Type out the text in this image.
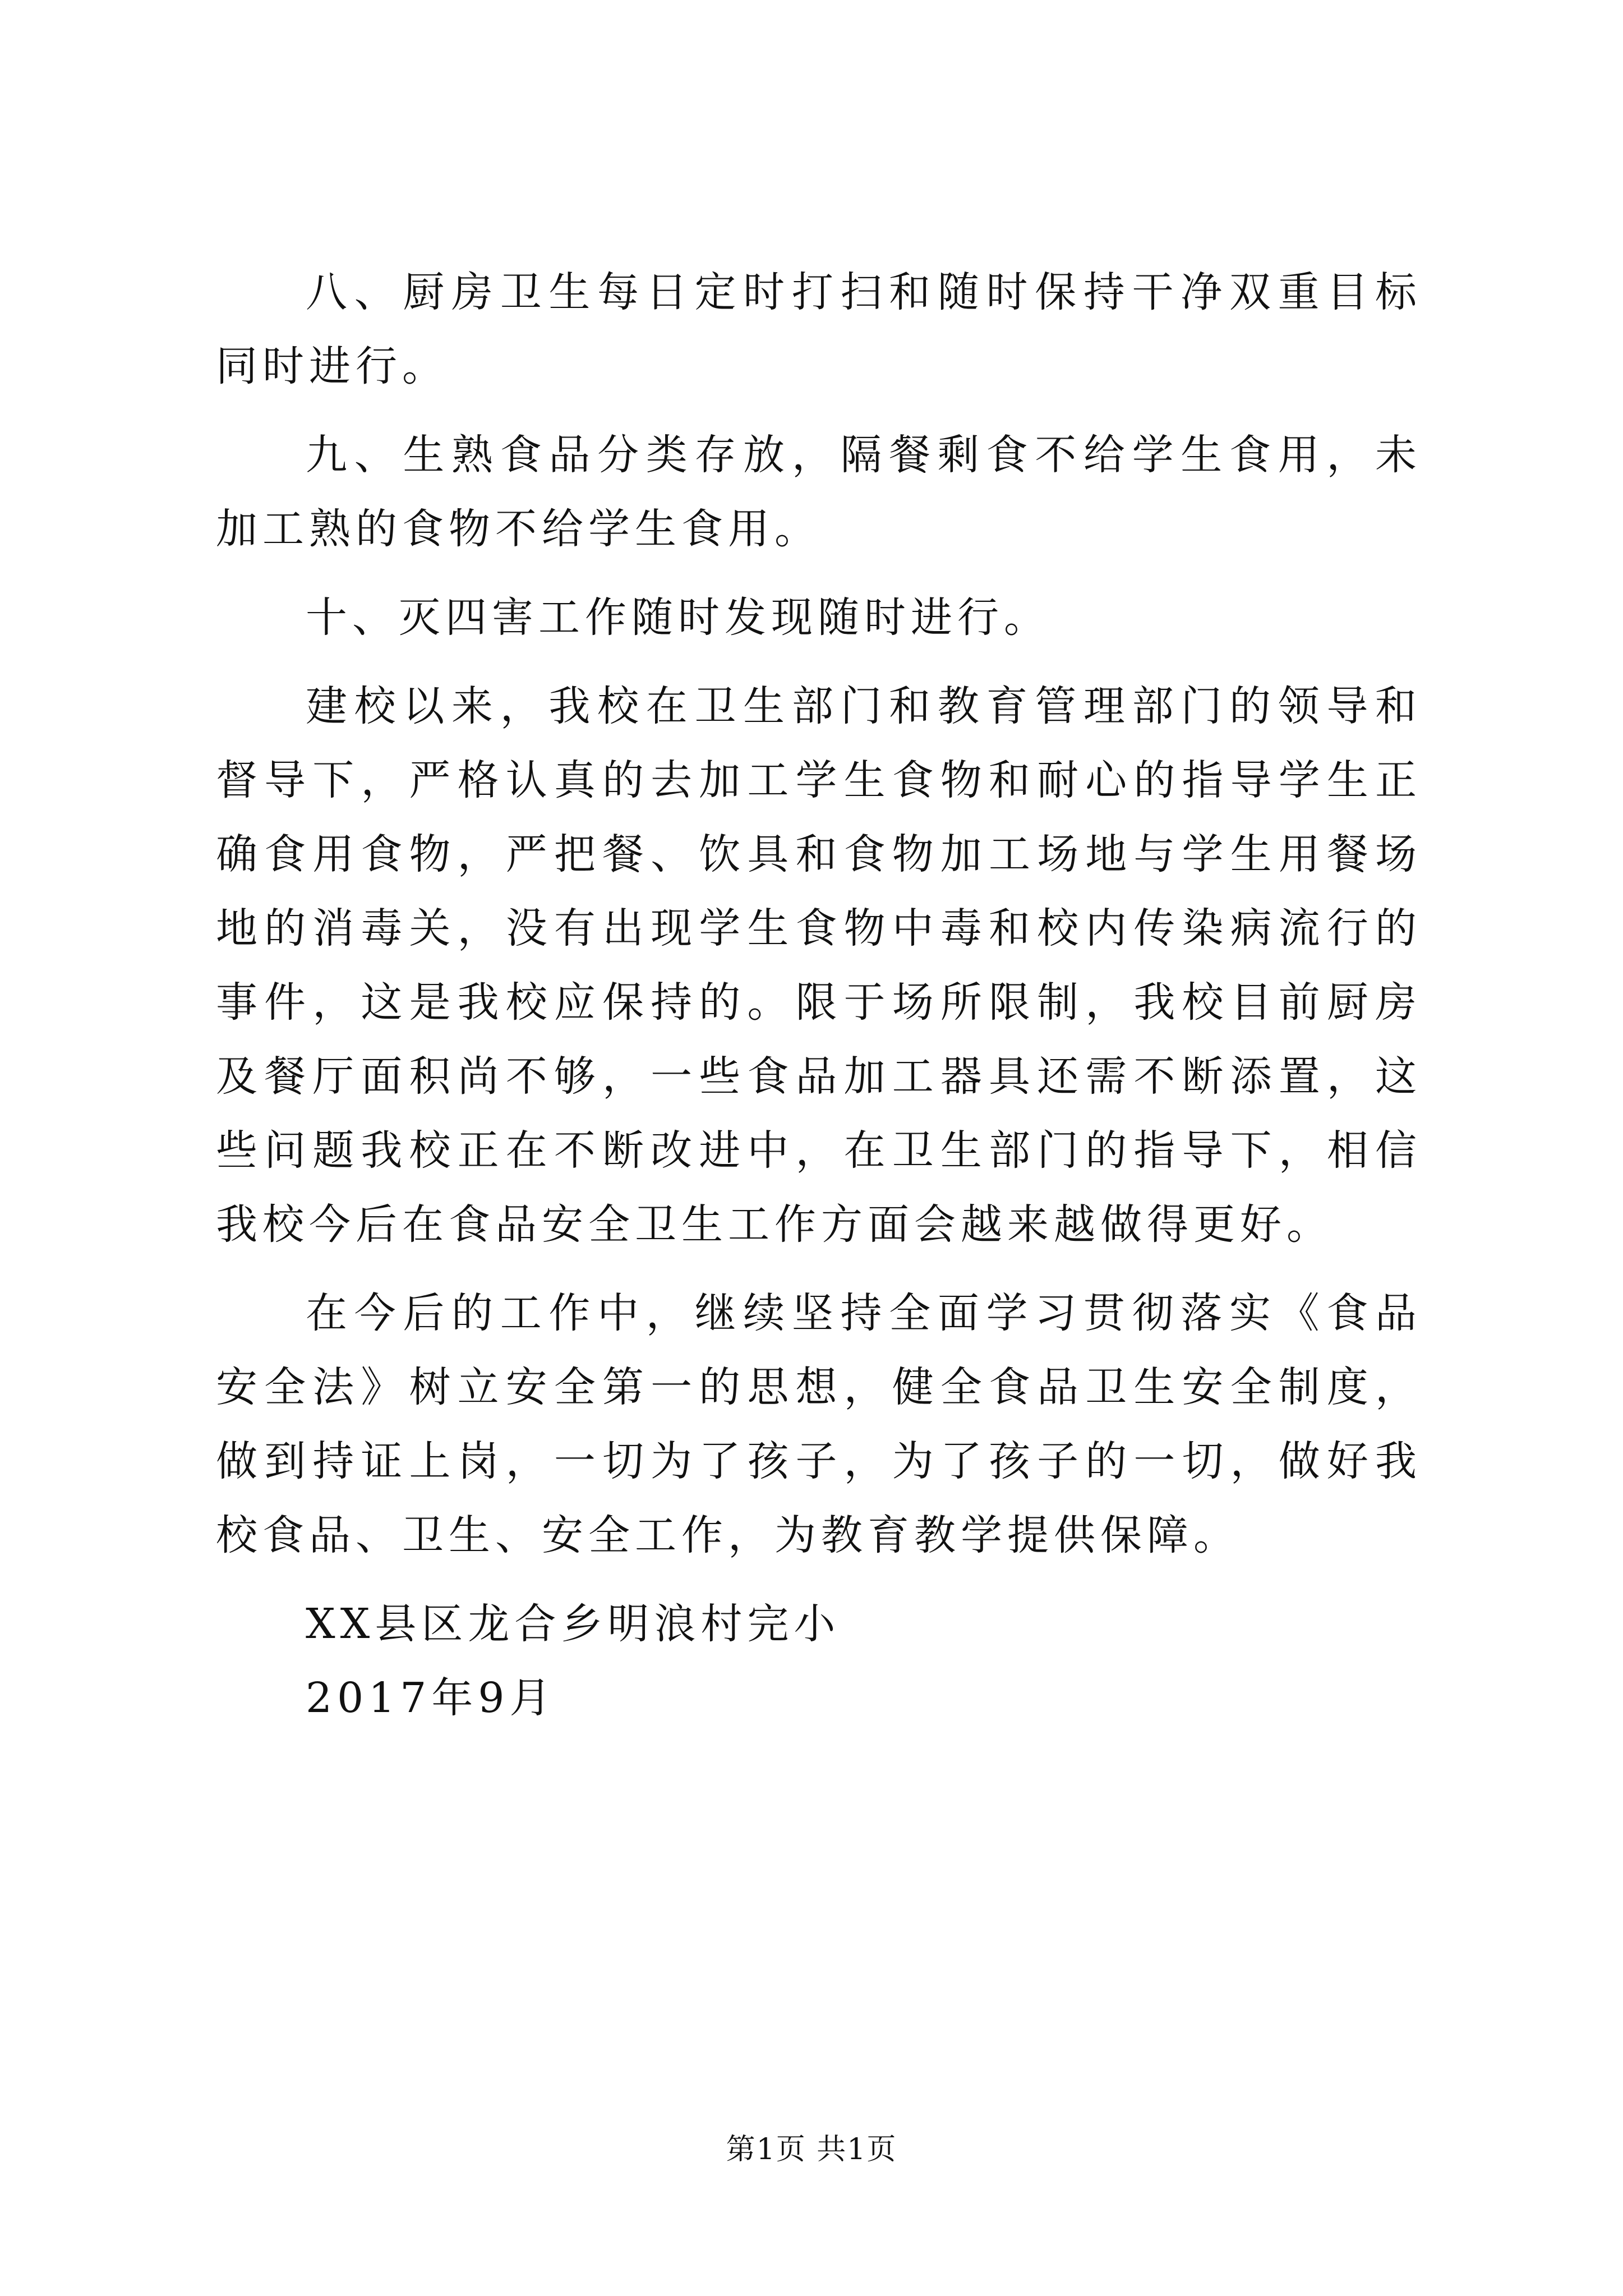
八、厨房卫生每日定时打扫和随时保持干净双重目标同时进行。

九、生熟食品分类存放，隔餐剩食不给学生食用，未加工熟的食物不给学生食用。

十、灭四害工作随时发现随时进行。

建校以来，我校在卫生部门和教育管理部门的领导和督导下，严格认真的去加工学生食物和耐心的指导学生正确食用食物，严把餐、饮具和食物加工场地与学生用餐场地的消毒关，没有出现学生食物中毒和校内传染病流行的事件，这是我校应保持的。限于场所限制，我校目前厨房及餐厅面积尚不够，一些食品加工器具还需不断添置，这些问题我校正在不断改进中，在卫生部门的指导下，相信我校今后在食品安全卫生工作方面会越来越做得更好。

在今后的工作中，继续坚持全面学习贯彻落实《食品安全法》树立安全第一的思想，健全食品卫生安全制度，做到持证上岗，一切为了孩子，为了孩子的一切，做好我校食品、卫生、安全工作，为教育教学提供保障。

XX县区龙合乡明浪村完小

2017年9月

第1页 共1页
